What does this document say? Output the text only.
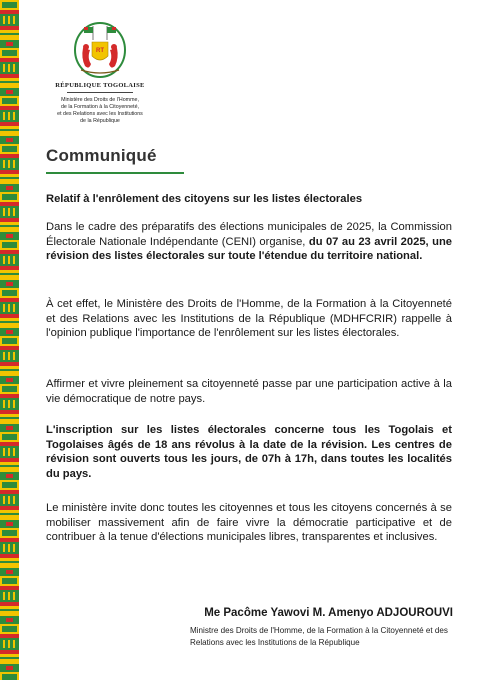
RT
RÉPUBLIQUE TOGOLAISE
Ministère des Droits de l'Homme,
de la Formation à la Citoyenneté,
et des Relations avec les Institutions
de la République
Communiqué
Relatif à l'enrôlement des citoyens sur les listes électorales
Dans le cadre des préparatifs des élections municipales de 2025, la Commission Électorale Nationale Indépendante (CENI) organise, du 07 au 23 avril 2025, une révision des listes électorales sur toute l'étendue du territoire national.
À cet effet, le Ministère des Droits de l'Homme, de la Formation à la Citoyenneté et des Relations avec les Institutions de la République (MDHFCRIR) rappelle à l'opinion publique l'importance de l'enrôlement sur les listes électorales.
Affirmer et vivre pleinement sa citoyenneté passe par une participation active à la vie démocratique de notre pays.
L'inscription sur les listes électorales concerne tous les Togolais et Togolaises âgés de 18 ans révolus à la date de la révision. Les centres de révision sont ouverts tous les jours, de 07h à 17h, dans toutes les localités du pays.
Le ministère invite donc toutes les citoyennes et tous les citoyens concernés à se mobiliser massivement afin de faire vivre la démocratie participative et de contribuer à la tenue d'élections municipales libres, transparentes et inclusives.
Me Pacôme Yawovi M. Amenyo ADJOUROUVI
Ministre des Droits de l'Homme, de la Formation à la Citoyenneté et des Relations avec les Institutions de la République
